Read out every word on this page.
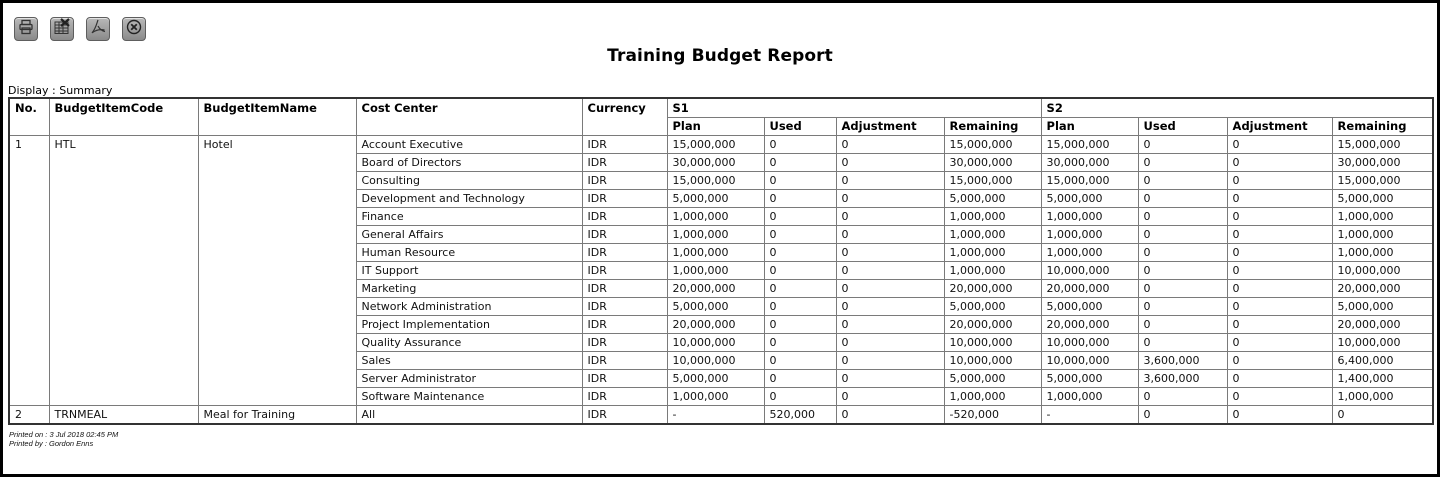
Training Budget Report
Display : Summary
No.	BudgetItemCode	BudgetItemName	Cost Center	Currency	S1				S2			
					Plan	Used	Adjustment	Remaining	Plan	Used	Adjustment	Remaining
1	HTL	Hotel	Account Executive	IDR	15,000,000	0	0	15,000,000	15,000,000	0	0	15,000,000
			Board of Directors	IDR	30,000,000	0	0	30,000,000	30,000,000	0	0	30,000,000
			Consulting	IDR	15,000,000	0	0	15,000,000	15,000,000	0	0	15,000,000
			Development and Technology	IDR	5,000,000	0	0	5,000,000	5,000,000	0	0	5,000,000
			Finance	IDR	1,000,000	0	0	1,000,000	1,000,000	0	0	1,000,000
			General Affairs	IDR	1,000,000	0	0	1,000,000	1,000,000	0	0	1,000,000
			Human Resource	IDR	1,000,000	0	0	1,000,000	1,000,000	0	0	1,000,000
			IT Support	IDR	1,000,000	0	0	1,000,000	10,000,000	0	0	10,000,000
			Marketing	IDR	20,000,000	0	0	20,000,000	20,000,000	0	0	20,000,000
			Network Administration	IDR	5,000,000	0	0	5,000,000	5,000,000	0	0	5,000,000
			Project Implementation	IDR	20,000,000	0	0	20,000,000	20,000,000	0	0	20,000,000
			Quality Assurance	IDR	10,000,000	0	0	10,000,000	10,000,000	0	0	10,000,000
			Sales	IDR	10,000,000	0	0	10,000,000	10,000,000	3,600,000	0	6,400,000
			Server Administrator	IDR	5,000,000	0	0	5,000,000	5,000,000	3,600,000	0	1,400,000
			Software Maintenance	IDR	1,000,000	0	0	1,000,000	1,000,000	0	0	1,000,000
2	TRNMEAL	Meal for Training	All	IDR	-	520,000	0	-520,000	-	0	0	0
Printed on : 3 Jul 2018 02:45 PM
Printed by : Gordon Enns
